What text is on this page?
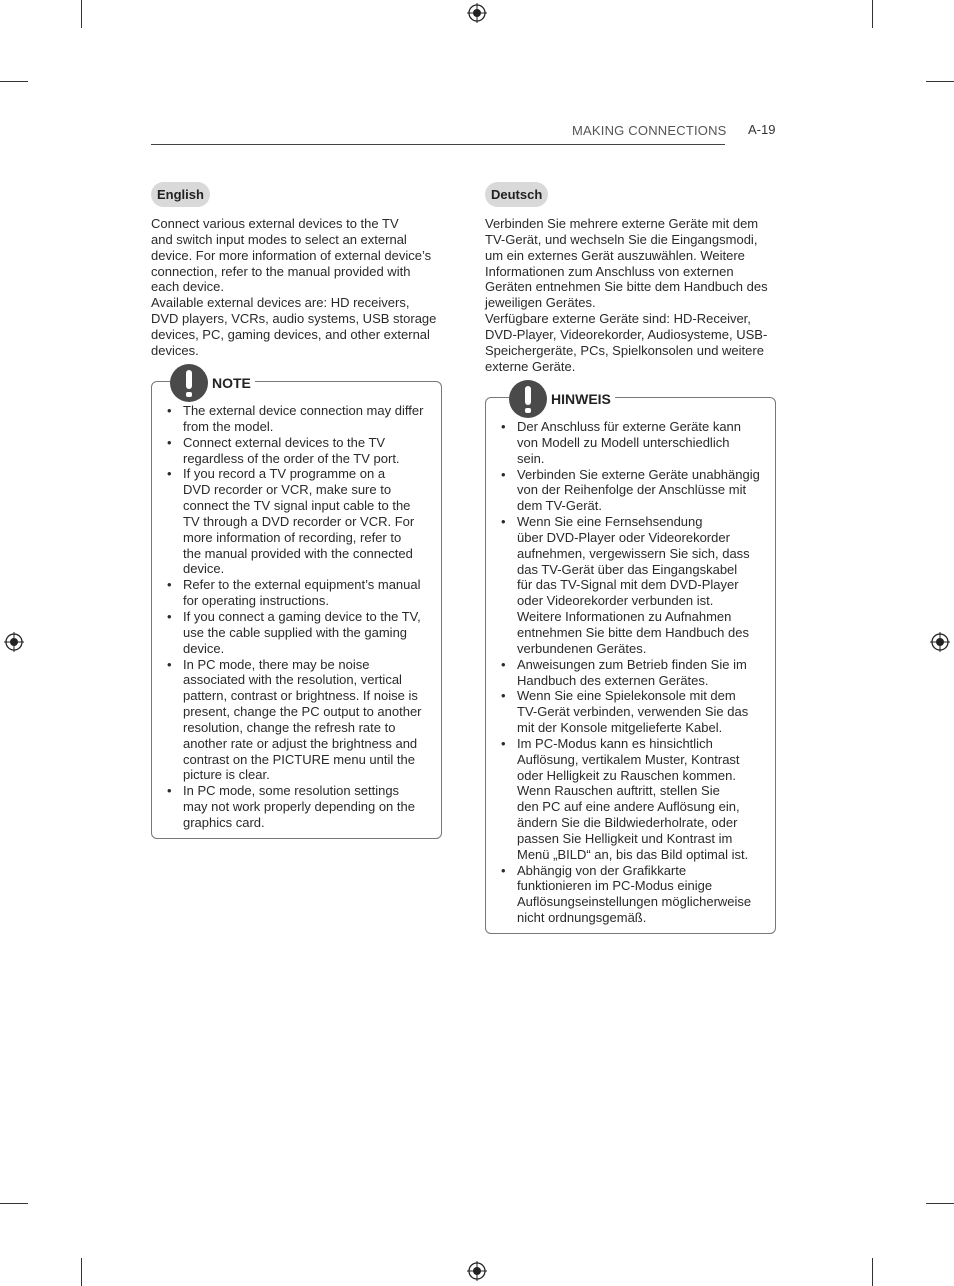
MAKING CONNECTIONS A-19
English
Connect various external devices to the TV
and switch input modes to select an external
device. For more information of external device’s
connection, refer to the manual provided with
each device.
Available external devices are: HD receivers,
DVD players, VCRs, audio systems, USB storage
devices, PC, gaming devices, and other external
devices.
NOTE
• The external device connection may differ
from the model.
• Connect external devices to the TV
regardless of the order of the TV port.
• If you record a TV programme on a
DVD recorder or VCR, make sure to
connect the TV signal input cable to the
TV through a DVD recorder or VCR. For
more information of recording, refer to
the manual provided with the connected
device.
• Refer to the external equipment’s manual
for operating instructions.
• If you connect a gaming device to the TV,
use the cable supplied with the gaming
device.
• In PC mode, there may be noise
associated with the resolution, vertical
pattern, contrast or brightness. If noise is
present, change the PC output to another
resolution, change the refresh rate to
another rate or adjust the brightness and
contrast on the PICTURE menu until the
picture is clear.
• In PC mode, some resolution settings
may not work properly depending on the
graphics card.
Deutsch
Verbinden Sie mehrere externe Geräte mit dem
TV-Gerät, und wechseln Sie die Eingangsmodi,
um ein externes Gerät auszuwählen. Weitere
Informationen zum Anschluss von externen
Geräten entnehmen Sie bitte dem Handbuch des
jeweiligen Gerätes.
Verfügbare externe Geräte sind: HD-Receiver,
DVD-Player, Videorekorder, Audiosysteme, USB-
Speichergeräte, PCs, Spielkonsolen und weitere
externe Geräte.
HINWEIS
• Der Anschluss für externe Geräte kann
von Modell zu Modell unterschiedlich
sein.
• Verbinden Sie externe Geräte unabhängig
von der Reihenfolge der Anschlüsse mit
dem TV-Gerät.
• Wenn Sie eine Fernsehsendung
über DVD-Player oder Videorekorder
aufnehmen, vergewissern Sie sich, dass
das TV-Gerät über das Eingangskabel
für das TV-Signal mit dem DVD-Player
oder Videorekorder verbunden ist.
Weitere Informationen zu Aufnahmen
entnehmen Sie bitte dem Handbuch des
verbundenen Gerätes.
• Anweisungen zum Betrieb finden Sie im
Handbuch des externen Gerätes.
• Wenn Sie eine Spielekonsole mit dem
TV-Gerät verbinden, verwenden Sie das
mit der Konsole mitgelieferte Kabel.
• Im PC-Modus kann es hinsichtlich
Auflösung, vertikalem Muster, Kontrast
oder Helligkeit zu Rauschen kommen.
Wenn Rauschen auftritt, stellen Sie
den PC auf eine andere Auflösung ein,
ändern Sie die Bildwiederholrate, oder
passen Sie Helligkeit und Kontrast im
Menü „BILD“ an, bis das Bild optimal ist.
• Abhängig von der Grafikkarte
funktionieren im PC-Modus einige
Auflösungseinstellungen möglicherweise
nicht ordnungsgemäß.
